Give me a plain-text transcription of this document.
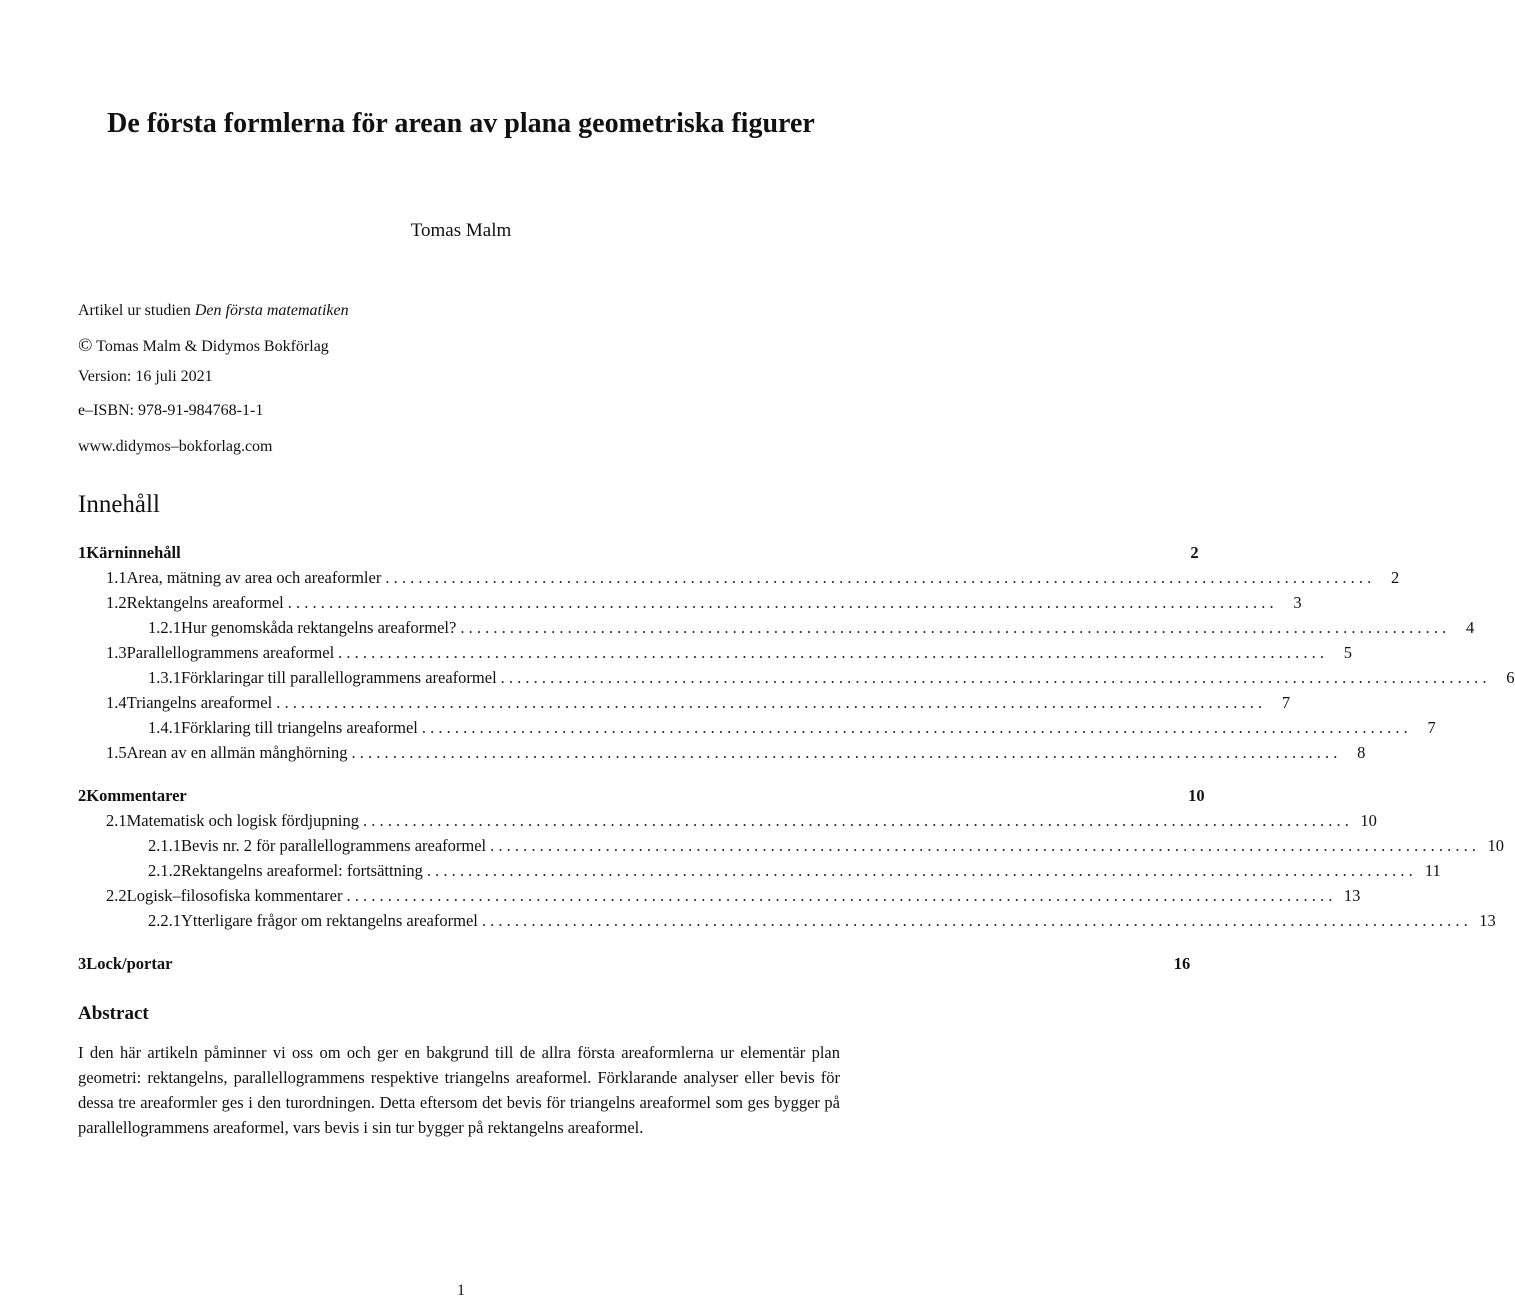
De första formlerna för arean av plana geometriska figurer
Tomas Malm
Artikel ur studien Den första matematiken
© Tomas Malm & Didymos Bokförlag
Version: 16 juli 2021
e–ISBN: 978-91-984768-1-1
www.didymos–bokforlag.com
Innehåll
1 Kärninnehåll	2
1.1 Area, mätning av area och areaformler . . . . . . . . . . . . . . . . . . . . . . . . . . . . . . . . . . . . . . . . . . . . . . . . . . . . . . . . . . . . . . . . . . . . . . . . . . . . . . . . . . . . . . . . . . . . . . . . . . . . . . . . . . . . . . . . . . . . . . . .	2
1.2 Rektangelns areaformel . . . . . . . . . . . . . . . . . . . . . . . . . . . . . . . . . . . . . . . . . . . . . . . . . . . . . . . . . . . . . . . . . . . . . . . . . . . . . . . . . . . . . . . . . . . . . . . . . . . . . . . . . . . . . . . . . . . . . . . .	3
1.2.1 Hur genomskåda rektangelns areaformel? . . . . . . . . . . . . . . . . . . . . . . . . . . . . . . . . . . . . . . . . . . . . . . . . . . . . . . . . . . . . . . . . . . . . . . . . . . . . . . . . . . . . . . . . . . . . . . . . . . . . . . . . . . . . . . . . . . . . . . . .	4
1.3 Parallellogrammens areaformel . . . . . . . . . . . . . . . . . . . . . . . . . . . . . . . . . . . . . . . . . . . . . . . . . . . . . . . . . . . . . . . . . . . . . . . . . . . . . . . . . . . . . . . . . . . . . . . . . . . . . . . . . . . . . . . . . . . . . . . .	5
1.3.1 Förklaringar till parallellogrammens areaformel . . . . . . . . . . . . . . . . . . . . . . . . . . . . . . . . . . . . . . . . . . . . . . . . . . . . . . . . . . . . . . . . . . . . . . . . . . . . . . . . . . . . . . . . . . . . . . . . . . . . . . . . . . . . . . . . . . . . . . . .	6
1.4 Triangelns areaformel . . . . . . . . . . . . . . . . . . . . . . . . . . . . . . . . . . . . . . . . . . . . . . . . . . . . . . . . . . . . . . . . . . . . . . . . . . . . . . . . . . . . . . . . . . . . . . . . . . . . . . . . . . . . . . . . . . . . . . . .	7
1.4.1 Förklaring till triangelns areaformel . . . . . . . . . . . . . . . . . . . . . . . . . . . . . . . . . . . . . . . . . . . . . . . . . . . . . . . . . . . . . . . . . . . . . . . . . . . . . . . . . . . . . . . . . . . . . . . . . . . . . . . . . . . . . . . . . . . . . . . .	7
1.5 Arean av en allmän månghörning . . . . . . . . . . . . . . . . . . . . . . . . . . . . . . . . . . . . . . . . . . . . . . . . . . . . . . . . . . . . . . . . . . . . . . . . . . . . . . . . . . . . . . . . . . . . . . . . . . . . . . . . . . . . . . . . . . . . . . . .	8
2 Kommentarer	10
2.1 Matematisk och logisk fördjupning . . . . . . . . . . . . . . . . . . . . . . . . . . . . . . . . . . . . . . . . . . . . . . . . . . . . . . . . . . . . . . . . . . . . . . . . . . . . . . . . . . . . . . . . . . . . . . . . . . . . . . . . . . . . . . . . . . . . . . . . 10
2.1.1 Bevis nr. 2 för parallellogrammens areaformel . . . . . . . . . . . . . . . . . . . . . . . . . . . . . . . . . . . . . . . . . . . . . . . . . . . . . . . . . . . . . . . . . . . . . . . . . . . . . . . . . . . . . . . . . . . . . . . . . . . . . . . . . . . . . . . . . . . . . . . . 10
2.1.2 Rektangelns areaformel: fortsättning . . . . . . . . . . . . . . . . . . . . . . . . . . . . . . . . . . . . . . . . . . . . . . . . . . . . . . . . . . . . . . . . . . . . . . . . . . . . . . . . . . . . . . . . . . . . . . . . . . . . . . . . . . . . . . . . . . . . . . . . 11
2.2 Logisk–filosofiska kommentarer . . . . . . . . . . . . . . . . . . . . . . . . . . . . . . . . . . . . . . . . . . . . . . . . . . . . . . . . . . . . . . . . . . . . . . . . . . . . . . . . . . . . . . . . . . . . . . . . . . . . . . . . . . . . . . . . . . . . . . . . 13
2.2.1 Ytterligare frågor om rektangelns areaformel . . . . . . . . . . . . . . . . . . . . . . . . . . . . . . . . . . . . . . . . . . . . . . . . . . . . . . . . . . . . . . . . . . . . . . . . . . . . . . . . . . . . . . . . . . . . . . . . . . . . . . . . . . . . . . . . . . . . . . . . 13
3 Lock/portar	16
Abstract
I den här artikeln påminner vi oss om och ger en bakgrund till de allra första areaformlerna ur elementär plan geometri: rektangelns, parallellogrammens respektive triangelns areaformel. Förklarande analyser eller bevis för dessa tre areaformler ges i den turordningen. Detta eftersom det bevis för triangelns areaformel som ges bygger på parallellogrammens areaformel, vars bevis i sin tur bygger på rektangelns areaformel.
1
